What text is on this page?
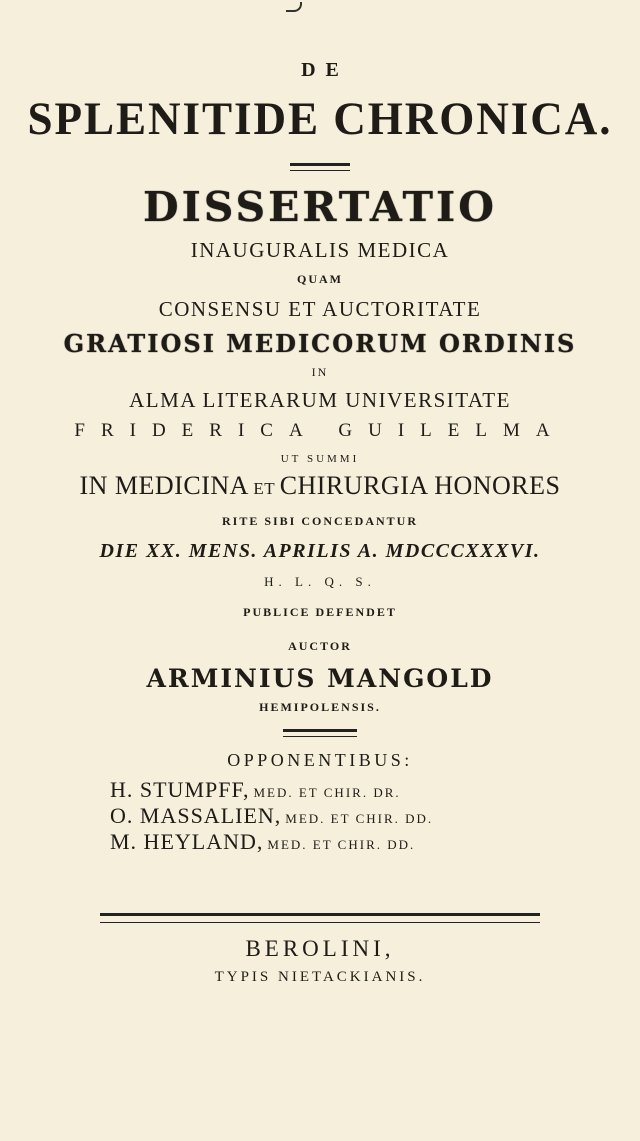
DE
SPLENITIDE CHRONICA.
DISSERTATIO
INAUGURALIS MEDICA
QUAM
CONSENSU ET AUCTORITATE
GRATIOSI MEDICORUM ORDINIS
IN
ALMA LITERARUM UNIVERSITATE
FRIDERICA GUILELMA
UT SUMMI
IN MEDICINA ET CHIRURGIA HONORES
RITE SIBI CONCEDANTUR
DIE XX. MENS. APRILIS A. MDCCCXXXVI.
H. L. Q. S.
PUBLICE DEFENDET
AUCTOR
ARMINIUS MANGOLD
HEMIPOLENSIS.
OPPONENTIBUS:
H. STUMPFF,
MED. ET CHIR. DR.
O. MASSALIEN,
MED. ET CHIR. DD.
M. HEYLAND,
MED. ET CHIR. DD.
BEROLINI,
TYPIS NIETACKIANIS.
